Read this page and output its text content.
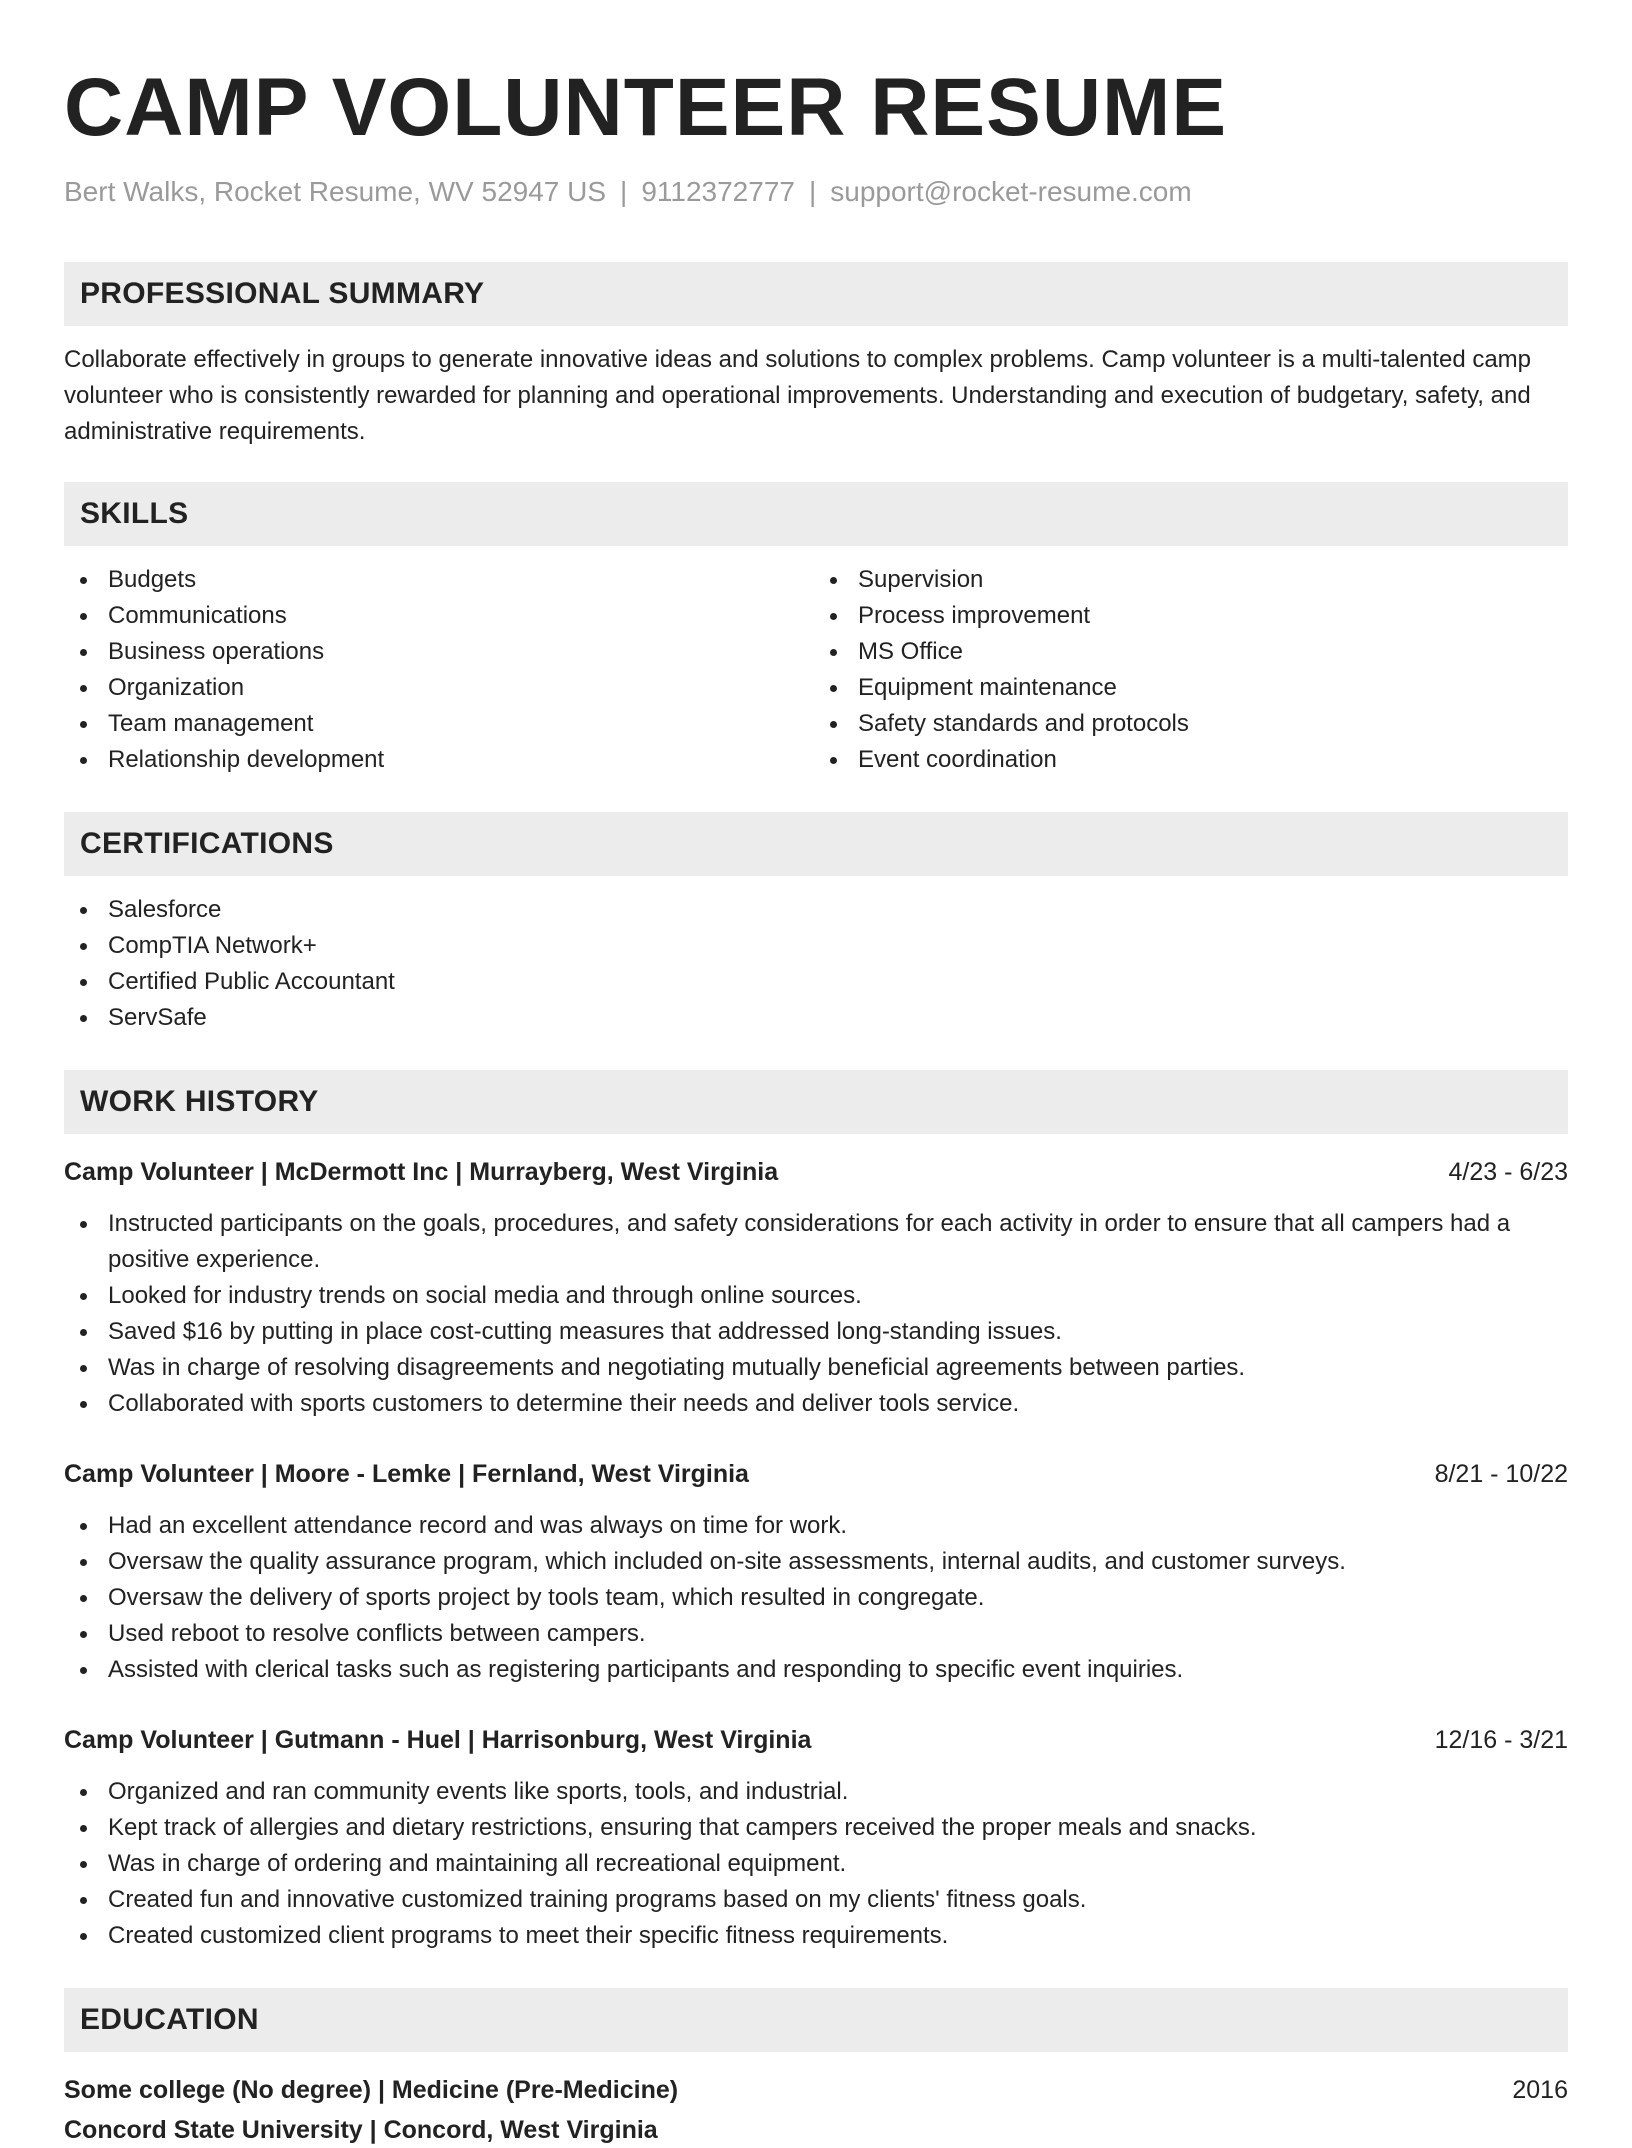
CAMP VOLUNTEER RESUME
Bert Walks, Rocket Resume, WV 52947 US | 9112372777 | support@rocket-resume.com
PROFESSIONAL SUMMARY

Collaborate effectively in groups to generate innovative ideas and solutions to complex problems. Camp volunteer is a multi-talented camp volunteer who is consistently rewarded for planning and operational improvements. Understanding and execution of budgetary, safety, and administrative requirements.

SKILLS
Budgets
Communications
Business operations
Organization
Team management
Relationship development
Supervision
Process improvement
MS Office
Equipment maintenance
Safety standards and protocols
Event coordination
CERTIFICATIONS
Salesforce
CompTIA Network+
Certified Public Accountant
ServSafe
WORK HISTORY
Camp Volunteer | McDermott Inc | Murrayberg, West Virginia	4/23 - 6/23
Instructed participants on the goals, procedures, and safety considerations for each activity in order to ensure that all campers had a positive experience.
Looked for industry trends on social media and through online sources.
Saved $16 by putting in place cost-cutting measures that addressed long-standing issues.
Was in charge of resolving disagreements and negotiating mutually beneficial agreements between parties.
Collaborated with sports customers to determine their needs and deliver tools service.
Camp Volunteer | Moore - Lemke | Fernland, West Virginia	8/21 - 10/22
Had an excellent attendance record and was always on time for work.
Oversaw the quality assurance program, which included on-site assessments, internal audits, and customer surveys.
Oversaw the delivery of sports project by tools team, which resulted in congregate.
Used reboot to resolve conflicts between campers.
Assisted with clerical tasks such as registering participants and responding to specific event inquiries.
Camp Volunteer | Gutmann - Huel | Harrisonburg, West Virginia	12/16 - 3/21
Organized and ran community events like sports, tools, and industrial.
Kept track of allergies and dietary restrictions, ensuring that campers received the proper meals and snacks.
Was in charge of ordering and maintaining all recreational equipment.
Created fun and innovative customized training programs based on my clients' fitness goals.
Created customized client programs to meet their specific fitness requirements.
EDUCATION
Some college (No degree) | Medicine (Pre-Medicine)	2016
Concord State University | Concord, West Virginia
